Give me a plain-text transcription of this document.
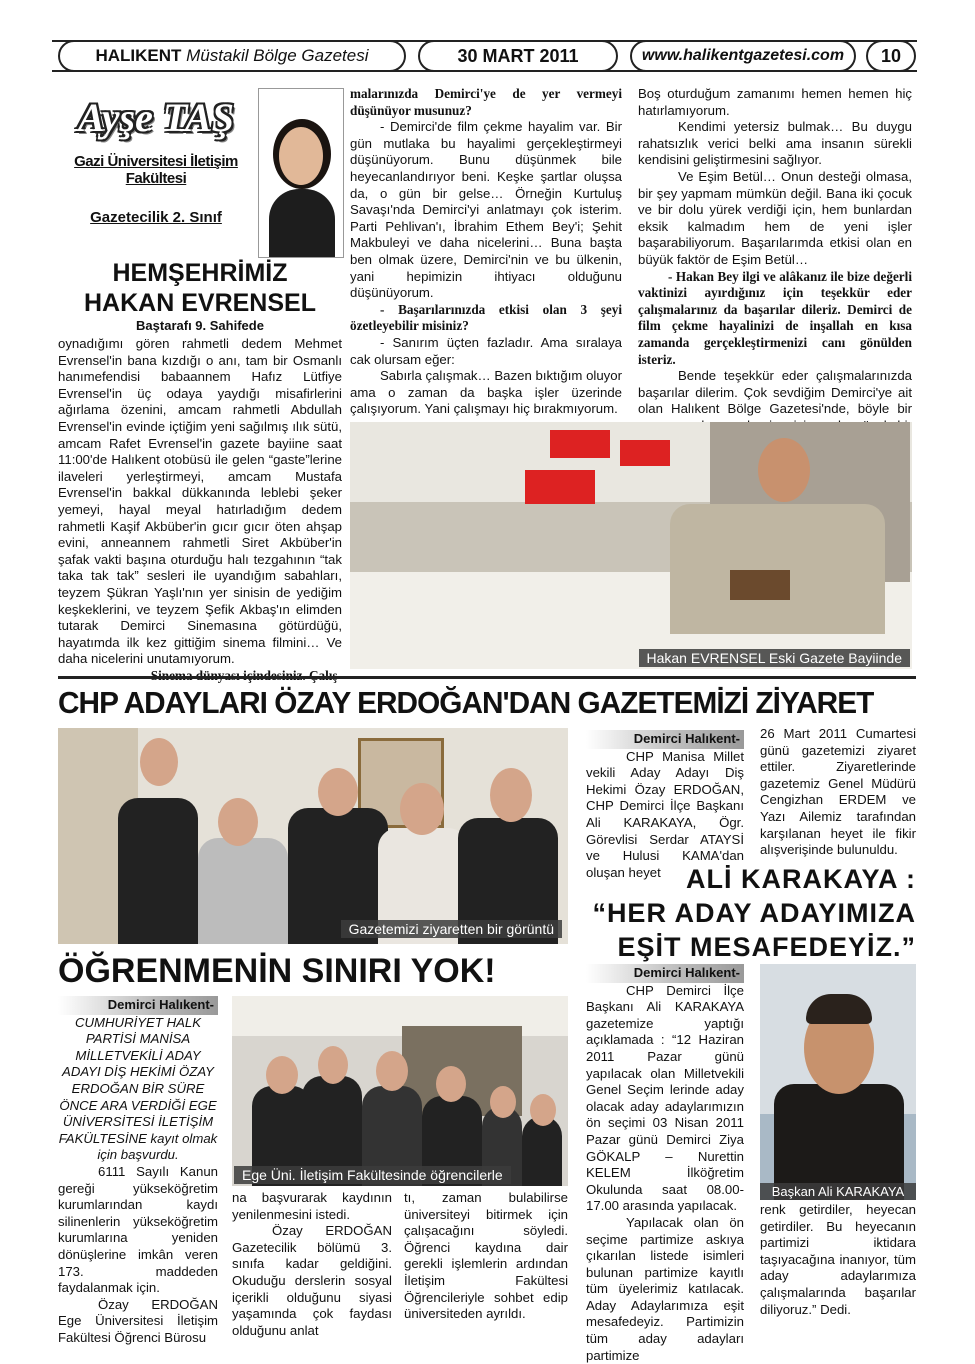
HALIKENT
Müstakil Bölge Gazetesi	30 MART 2011	www.halikentgazetesi.com 10
Ayşe TAŞ
Gazi Üniversitesi İletişim Fakültesi
Gazetecilik 2. Sınıf
HEMŞEHRİMİZ
HAKAN EVRENSEL
Baştarafı 9. Sahifede

oynadığımı gören rahmetli dedem Mehmet Evrensel'in bana kızdığı o anı, tam bir Osmanlı hanımefendisi babaannem Hafız Lütfiye Evrensel'in üç odaya yaydığı misafirlerini ağırlama özenini, amcam rahmetli Abdullah Evrensel'in evinde içtiğim yeni sağılmış ılık sütü, amcam Rafet Evrensel'in gazete bayiine saat 11:00'de Halıkent otobüsü ile gelen “gaste”lerine ilaveleri yerleştirmeyi, amcam Mustafa Evrensel'in bakkal dükkanında leblebi şeker yemeyi, hayal meyal hatırladığım dedem rahmetli Kaşif Akbüber'in gıcır gıcır öten ahşap evini, anneannem rahmetli Siret Akbüber'in şafak vakti başına oturduğu halı tezgahının “tak taka tak tak” sesleri ile uyandığım sabahları, teyzem Şükran Yaşlı'nın yer sinisin de yediğim keşkeklerini, ve teyzem Şefik Akbaş'ın elimden tutarak Demirci Sinemasına götürdüğü, hayatımda ilk kez gittiğim sinema filmini… Ve daha nicelerini unutamıyorum.

malarınızda Demirci'ye de yer vermeyi düşünüyor musunuz?

- Demirci'de film çekme hayalim var. Bir gün mutlaka bu hayalimi gerçekleştirmeyi düşünüyorum. Bunu düşünmek bile heyecanlandırıyor beni. Keşke şartlar oluşsa da, o gün bir gelse… Örneğin Kurtuluş Savaşı'nda Demirci'yi anlatmayı çok isterim. Parti Pehlivan'ı, İbrahim Ethem Bey'i; Şehit Makbuleyi ve daha nicelerini… Buna başta ben olmak üzere, Demirci'nin ve bu ülkenin, yani hepimizin ihtiyacı olduğunu düşünüyorum.

- Başarılarınızda etkisi olan 3 şeyi özetleyebilir misiniz?

- Sanırım üçten fazladır. Ama sıralaya cak olursam eğer:

Sabırla çalışmak… Bazen bıktığım oluyor ama o zaman da başka işler üzerinde çalışıyorum. Yani çalışmayı hiç bırakmıyorum.

Boş oturduğum zamanımı hemen hemen hiç hatırlamıyorum.

Kendimi yetersiz bulmak… Bu duygu rahatsızlık verici belki ama insanın sürekli kendisini geliştirmesini sağlıyor.

Ve Eşim Betül… Onun desteği olmasa, bir şey yapmam mümkün değil. Bana iki çocuk ve bir dolu yürek verdiği için, hem bunlardan eksik kalmadım hem de yeni işler başarabiliyorum. Başarılarımda etkisi olan en büyük faktör de Eşim Betül…

- Hakan Bey ilgi ve alâkanız ile bize değerli vaktinizi ayırdığınız için teşekkür eder çalışmalarınız da başarılar dileriz. Demirci de film çekme hayalinizi de inşallah en kısa zamanda gerçekleştirmenizi canı gönülden isteriz.

Bende teşekkür eder çalışmalarınızda başarılar dilerim. Çok sevdiğim Demirci'ye ait olan Halıkent Bölge Gazetesi'nde, böyle bir

Hakan EVRENSEL Eski Gazete Bayiinde
CHP ADAYLARI ÖZAY ERDOĞAN'DAN GAZETEMİZİ ZİYARET
Gazetemizi ziyaretten bir görüntü
Demirci Halıkent-

CHP Manisa Millet vekili Aday Adayı Diş Hekimi Özay ERDOĞAN, CHP Demirci İlçe Başkanı Ali KARAKAYA, Ögr. Görevlisi Serdar ATAYSİ ve Hulusi KAMA'dan oluşan heyet

26 Mart 2011 Cumartesi günü gazetemizi ziyaret ettiler. Ziyaretlerinde gazetemiz Genel Müdürü Cengizhan ERDEM ve Yazı Ailemiz tarafından karşılanan heyet ile fikir alışverişinde bulunuldu.

ALİ KARAKAYA :
“HER ADAY ADAYIMIZA
EŞİT MESAFEDEYİZ.”
ÖĞRENMENİN SINIRI YOK!
Demirci Halıkent-

CUMHURİYET HALK PARTİSİ MANİSA MİLLETVEKİLİ ADAY ADAYI DİŞ HEKİMİ ÖZAY ERDOĞAN BİR SÜRE ÖNCE ARA VERDİĞİ EGE ÜNİVERSİTESİ İLETİŞİM FAKÜLTESİNE kayıt olmak için başvurdu.

6111 Sayılı Kanun gereği yükseköğretim kurumlarından kaydı silinenlerin yükseköğretim kurumlarına yeniden dönüşlerine imkân veren 173. maddeden faydalanmak için.

Özay ERDOĞAN Ege Üniversitesi İletişim Fakültesi Öğrenci Bürosu

Ege Üni. İletişim Fakültesinde öğrencilerle

na başvurarak kaydının yenilenmesini istedi.

Özay ERDOĞAN Gazetecilik bölümü 3. sınıfa kadar geldiğini. Okuduğu derslerin sosyal içerikli olduğunu siyasi yaşamında çok faydası olduğunu anlat

tı, zaman bulabilirse üniversiteyi bitirmek için çalışacağını söyledi. Öğrenci kaydına dair gerekli işlemlerin ardından İletişim Fakültesi Öğrencileriyle sohbet edip üniversiteden ayrıldı.

Demirci Halıkent-

CHP Demirci İlçe Başkanı Ali KARAKAYA gazetemize yaptığı açıklamada : “12 Haziran 2011 Pazar günü yapılacak olan Milletvekili Genel Seçim lerinde aday olacak aday adaylarımızın ön seçimi 03 Nisan 2011 Pazar günü Demirci Ziya GÖKALP – Nurettin KELEM İlköğretim Okulunda saat 08.00-17.00 arasında yapılacak.

Yapılacak olan ön seçime partimize askıya çıkarılan listede isimleri bulunan partimize kayıtlı tüm üyelerimiz katılacak. Aday Adaylarımıza eşit mesafedeyiz. Partimizin tüm aday adayları partimize

Başkan Ali KARAKAYA

renk getirdiler, heyecan getirdiler. Bu heyecanın partimizi iktidara taşıyacağına inanıyor, tüm aday adaylarımıza çalışmalarında başarılar diliyoruz.” Dedi.
